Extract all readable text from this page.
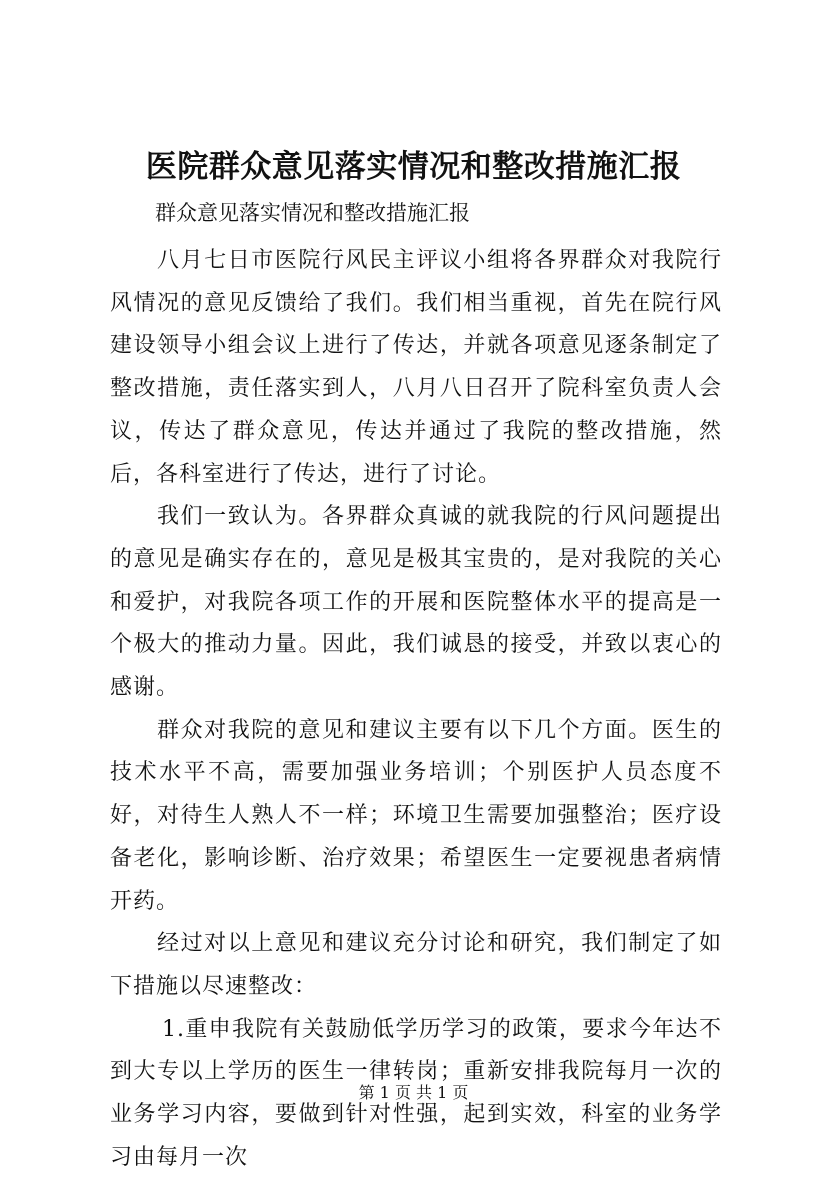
医院群众意见落实情况和整改措施汇报
群众意见落实情况和整改措施汇报

八月七日市医院行风民主评议小组将各界群众对我院行风情况的意见反馈给了我们。我们相当重视，首先在院行风建设领导小组会议上进行了传达，并就各项意见逐条制定了整改措施，责任落实到人，八月八日召开了院科室负责人会议，传达了群众意见，传达并通过了我院的整改措施，然后，各科室进行了传达，进行了讨论。

我们一致认为。各界群众真诚的就我院的行风问题提出的意见是确实存在的，意见是极其宝贵的，是对我院的关心和爱护，对我院各项工作的开展和医院整体水平的提高是一个极大的推动力量。因此，我们诚恳的接受，并致以衷心的感谢。

群众对我院的意见和建议主要有以下几个方面。医生的技术水平不高，需要加强业务培训；个别医护人员态度不好，对待生人熟人不一样；环境卫生需要加强整治；医疗设备老化，影响诊断、治疗效果；希望医生一定要视患者病情开药。

经过对以上意见和建议充分讨论和研究，我们制定了如下措施以尽速整改：

1.重申我院有关鼓励低学历学习的政策，要求今年达不到大专以上学历的医生一律转岗；重新安排我院每月一次的业务学习内容，要做到针对性强，起到实效，科室的业务学习由每月一次

第 1 页 共 1 页
